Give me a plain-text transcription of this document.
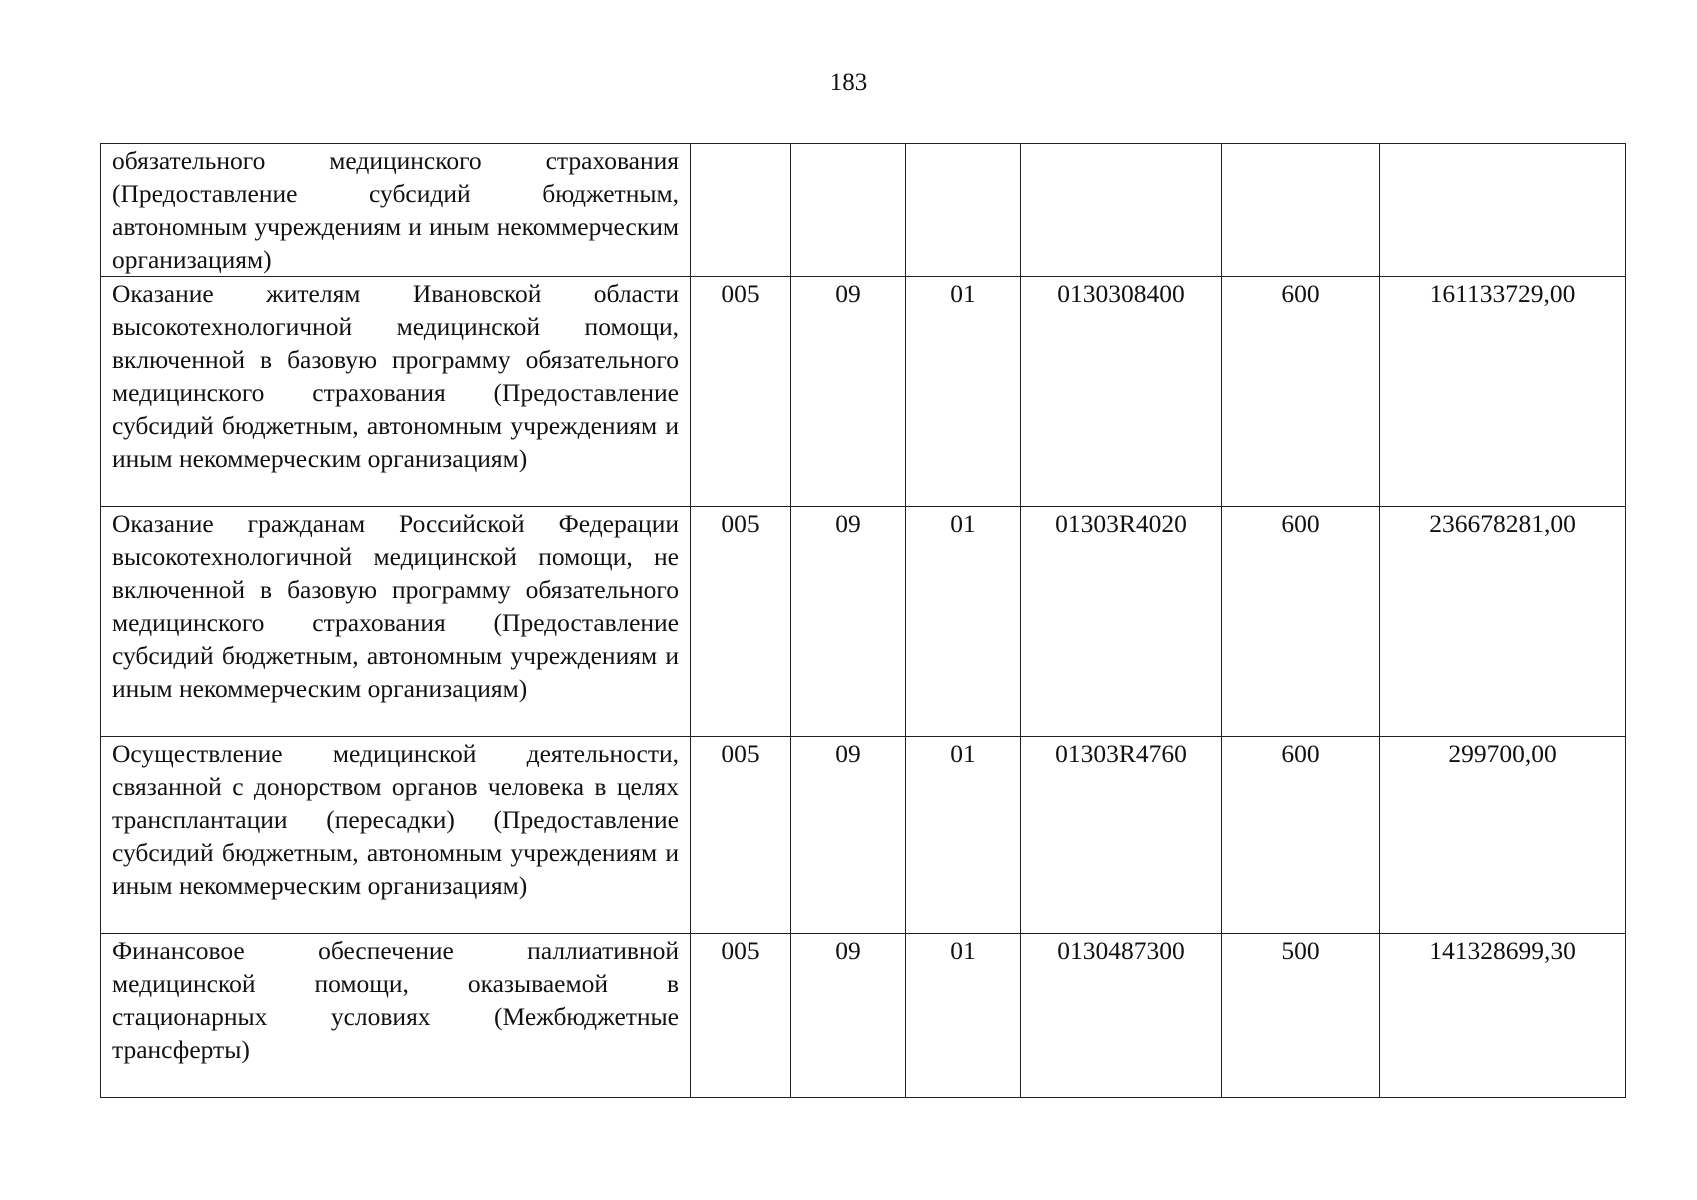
183
обязательного медицинского страхования (Предоставление субсидий бюджетным, автономным учреждениям и иным некоммерческим организациям)						
Оказание жителям Ивановской области высокотехнологичной медицинской помощи, включенной в базовую программу обязательного медицинского страхования (Предоставление субсидий бюджетным, автономным учреждениям и иным некоммерческим организациям)	005	09	01	0130308400	600	161133729,00
Оказание гражданам Российской Федерации высокотехнологичной медицинской помощи, не включенной в базовую программу обязательного медицинского страхования (Предоставление субсидий бюджетным, автономным учреждениям и иным некоммерческим организациям)	005	09	01	01303R4020	600	236678281,00
Осуществление медицинской деятельности, связанной с донорством органов человека в целях трансплантации (пересадки) (Предоставление субсидий бюджетным, автономным учреждениям и иным некоммерческим организациям)	005	09	01	01303R4760	600	299700,00
Финансовое обеспечение паллиативной медицинской помощи, оказываемой в стационарных условиях (Межбюджетные трансферты)	005	09	01	0130487300	500	141328699,30
